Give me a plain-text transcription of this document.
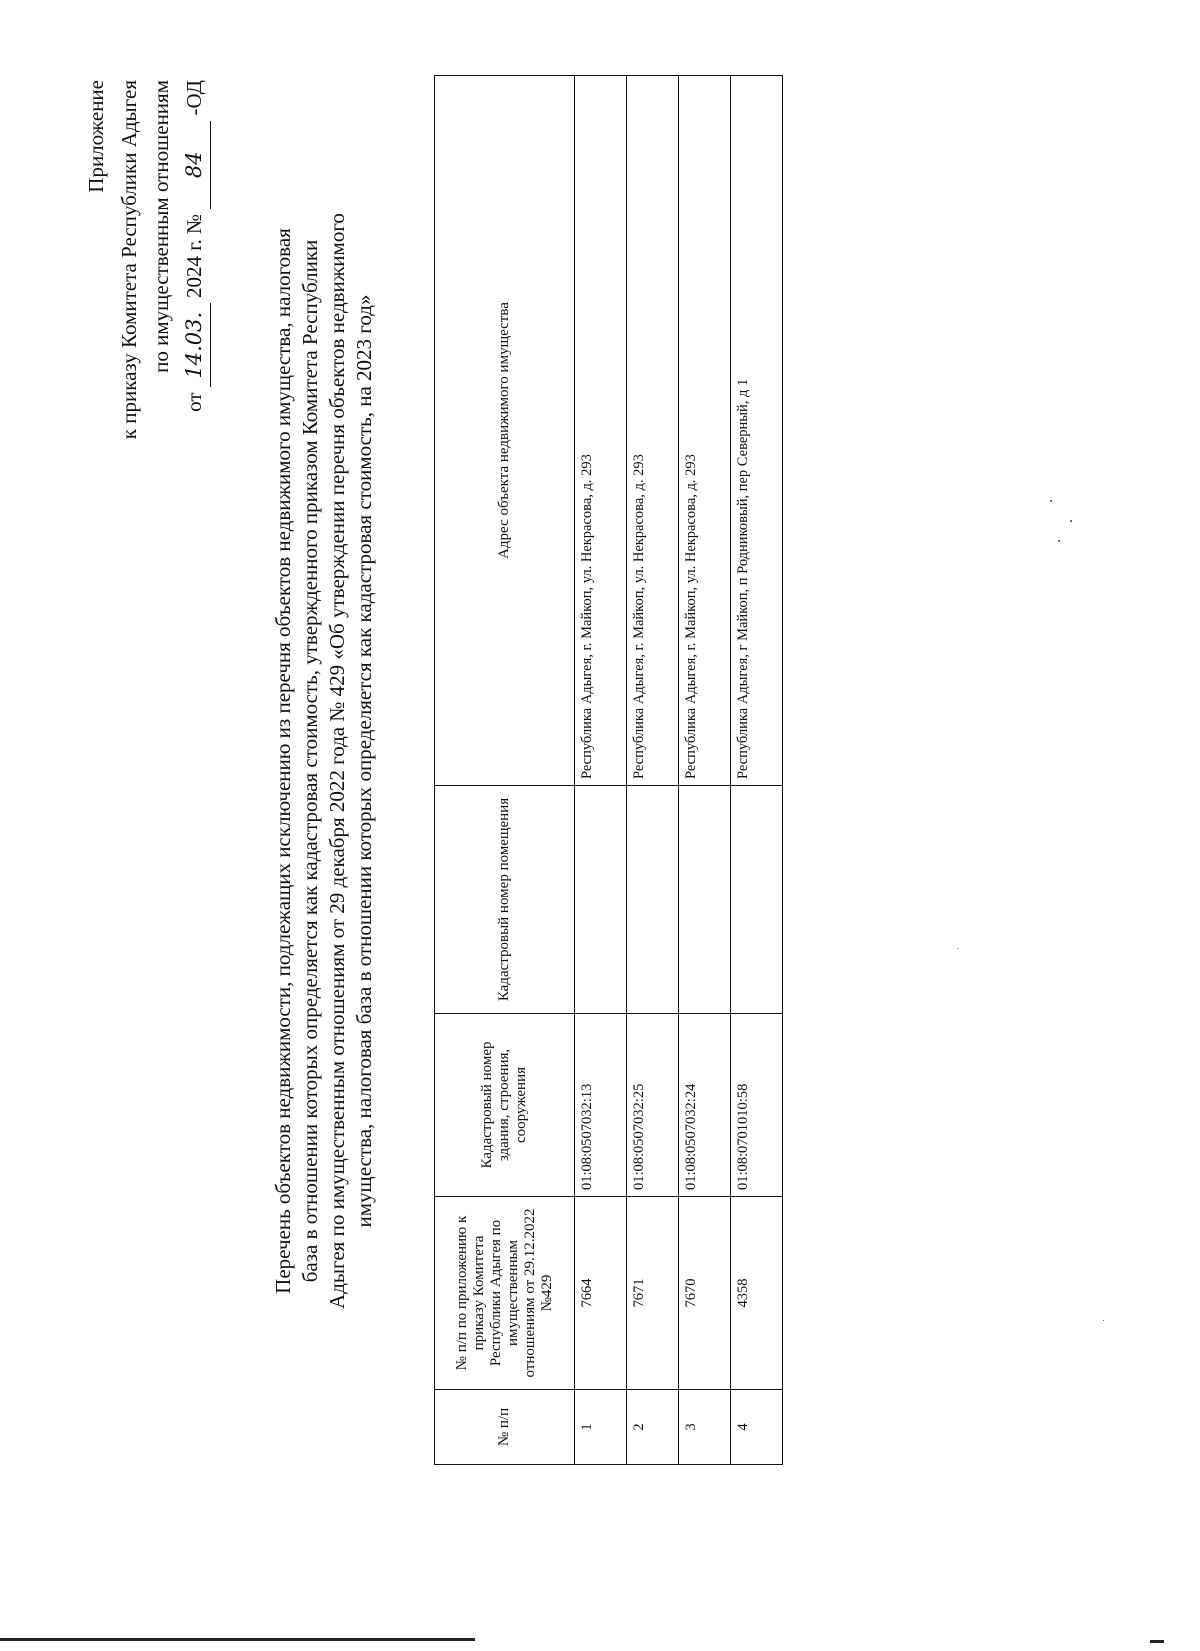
Приложение к приказу Комитета Республики Адыгея по имущественным отношениям
от 14.03. 2024 г. № 84 -ОД
Перечень объектов недвижимости, подлежащих исключению из перечня объектов недвижимого имущества, налоговая база в отношении которых определяется как кадастровая стоимость, утвержденного приказом Комитета Республики Адыгея по имущественным отношениям от 29 декабря 2022 года № 429 «Об утверждении перечня объектов недвижимого имущества, налоговая база в отношении которых определяется как кадастровая стоимость, на 2023 год»
№ п/п	№ п/п по приложению к приказу Комитета Республики Адыгея по имущественным отношениям от 29.12.2022 №429	Кадастровый номер здания, строения, сооружения	Кадастровый номер помещения	Адрес объекта недвижимого имущества
1	7664	01:08:0507032:13		Республика Адыгея, г. Майкоп, ул. Некрасова, д. 293
2	7671	01:08:0507032:25		Республика Адыгея, г. Майкоп, ул. Некрасова, д. 293
3	7670	01:08:0507032:24		Республика Адыгея, г. Майкоп, ул. Некрасова, д. 293
4	4358	01:08:0701010:58		Республика Адыгея, г Майкоп, п Родниковый, пер Северный, д 1
